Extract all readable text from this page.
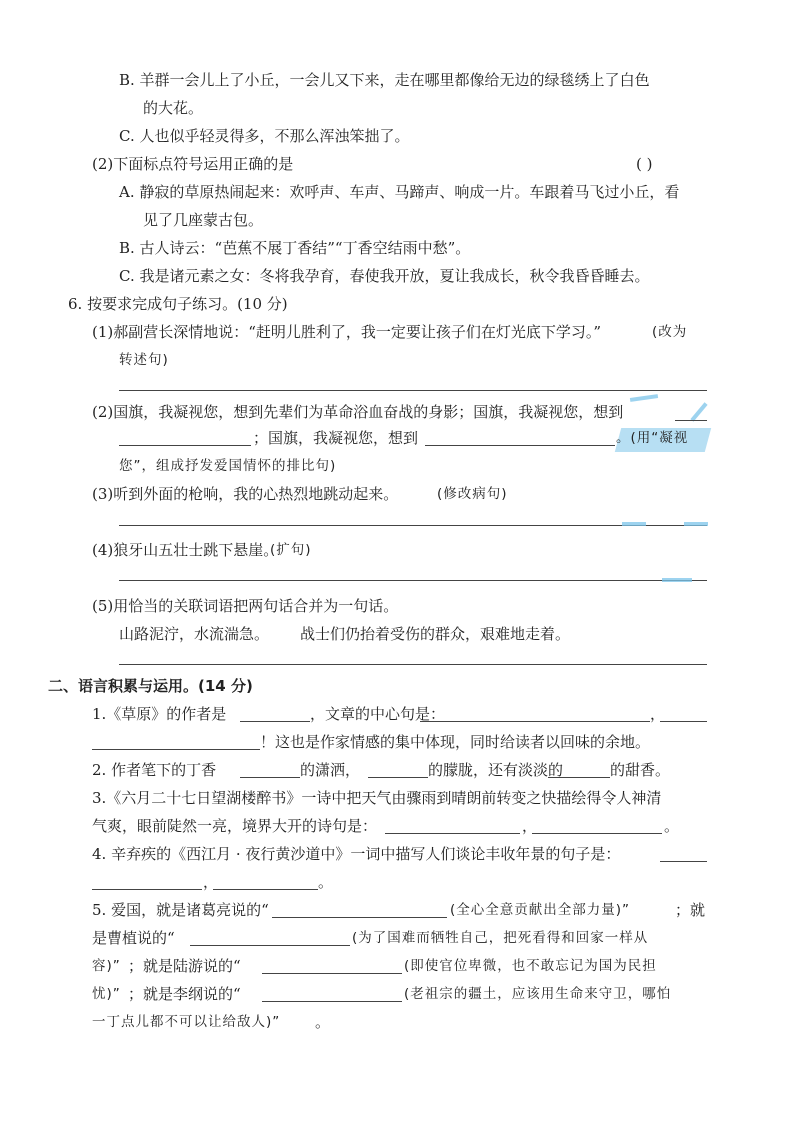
B. 羊群一会儿上了小丘，一会儿又下来，走在哪里都像给无边的绿毯绣上了白色
的大花。
C. 人也似乎轻灵得多，不那么浑浊笨拙了。
(2)下面标点符号运用正确的是	( )
A. 静寂的草原热闹起来：欢呼声、车声、马蹄声、响成一片。车跟着马飞过小丘，看
见了几座蒙古包。
B. 古人诗云：“芭蕉不展丁香结”“丁香空结雨中愁”。
C. 我是诸元素之女：冬将我孕育，春使我开放，夏让我成长，秋令我昏昏睡去。
6. 按要求完成句子练习。(10 分)
(1)郝副营长深情地说：“赶明儿胜利了，我一定要让孩子们在灯光底下学习。”	(改为
转述句)
(2)国旗，我凝视您，想到先辈们为革命浴血奋战的身影；国旗，我凝视您，想到
；国旗，我凝视您，想到	。(用“凝视
您”，组成抒发爱国情怀的排比句)
(3)听到外面的枪响，我的心热烈地跳动起来。	(修改病句)
(4)狼牙山五壮士跳下悬崖。
(扩句)
(5)用恰当的关联词语把两句话合并为一句话。
山路泥泞，水流湍急。 战士们仍抬着受伤的群众，艰难地走着。
二、语言积累与运用。(14 分)
1.《草原》的作者是	，文章的中心句是：	，
！这也是作家情感的集中体现，同时给读者以回味的余地。
2. 作者笔下的丁香	的潇洒，	的朦胧，还有淡淡的	的甜香。
3.《六月二十七日望湖楼醉书》一诗中把天气由骤雨到晴朗前转变之快描绘得令人神清
气爽，眼前陡然一亮，境界大开的诗句是：	，	。
4. 辛弃疾的《西江月 · 夜行黄沙道中》一词中描写人们谈论丰收年景的句子是：
，	。
5. 爱国，就是诸葛亮说的“	(全心全意贡献出全部力量)”	；就
是曹植说的“	(为了国难而牺牲自己，把死看得和回家一样从
容)” ；就是陆游说的“	(即使官位卑微，也不敢忘记为国为民担
忧)” ；就是李纲说的“	(老祖宗的疆土，应该用生命来守卫，哪怕
一丁点儿都不可以让给敌人)” 。
